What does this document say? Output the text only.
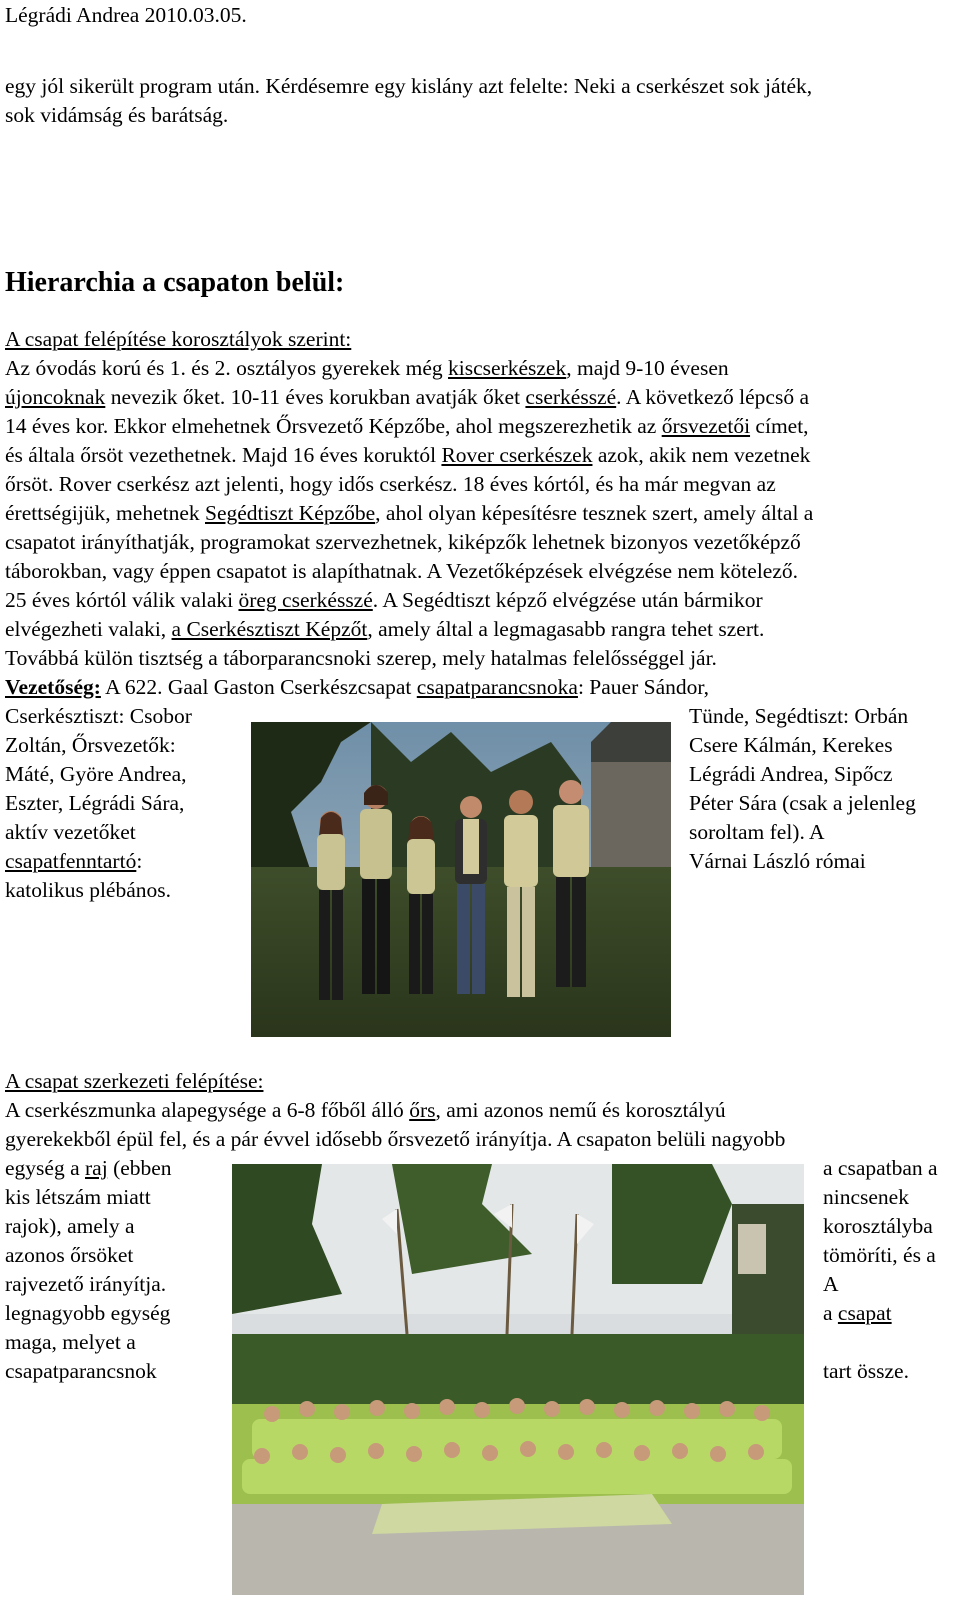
Légrádi Andrea 2010.03.05.
egy jól sikerült program után. Kérdésemre egy kislány azt felelte: Neki a cserkészet sok játék,
sok vidámság és barátság.
Hierarchia a csapaton belül:
A csapat felépítése korosztályok szerint:
Az óvodás korú és 1. és 2. osztályos gyerekek még kiscserkészek, majd 9-10 évesen
újoncoknak nevezik őket. 10-11 éves korukban avatják őket cserkésszé. A következő lépcső a
14 éves kor. Ekkor elmehetnek Őrsvezető Képzőbe, ahol megszerezhetik az őrsvezetői címet,
és általa őrsöt vezethetnek. Majd 16 éves koruktól Rover cserkészek azok, akik nem vezetnek
őrsöt. Rover cserkész azt jelenti, hogy idős cserkész. 18 éves kórtól, és ha már megvan az
érettségijük, mehetnek Segédtiszt Képzőbe, ahol olyan képesítésre tesznek szert, amely által a
csapatot irányíthatják, programokat szervezhetnek, kiképzők lehetnek bizonyos vezetőképző
táborokban, vagy éppen csapatot is alapíthatnak. A Vezetőképzések elvégzése nem kötelező.
25 éves kórtól válik valaki öreg cserkésszé. A Segédtiszt képző elvégzése után bármikor
elvégezheti valaki, a Cserkésztiszt Képzőt, amely által a legmagasabb rangra tehet szert.
Továbbá külön tisztség a táborparancsnoki szerep, mely hatalmas felelősséggel jár.
Vezetőség: A 622. Gaal Gaston Cserkészcsapat csapatparancsnoka: Pauer Sándor,
Cserkésztiszt: Csobor
Zoltán, Őrsvezetők:
Máté, Györe Andrea,
Eszter, Légrádi Sára,
aktív vezetőket
csapatfenntartó:
katolikus plébános.
Tünde, Segédtiszt: Orbán
Csere Kálmán, Kerekes
Légrádi Andrea, Sipőcz
Péter Sára (csak a jelenleg
soroltam fel). A
Várnai László római
A csapat szerkezeti felépítése:
A cserkészmunka alapegysége a 6-8 főből álló őrs, ami azonos nemű és korosztályú
gyerekekből épül fel, és a pár évvel idősebb őrsvezető irányítja. A csapaton belüli nagyobb
egység a raj (ebben
kis létszám miatt
rajok), amely a
azonos őrsöket
rajvezető irányítja.
legnagyobb egység
maga, melyet a
csapatparancsnok
a csapatban a
nincsenek
korosztályba
tömöríti, és a
A
a csapat
tart össze.
